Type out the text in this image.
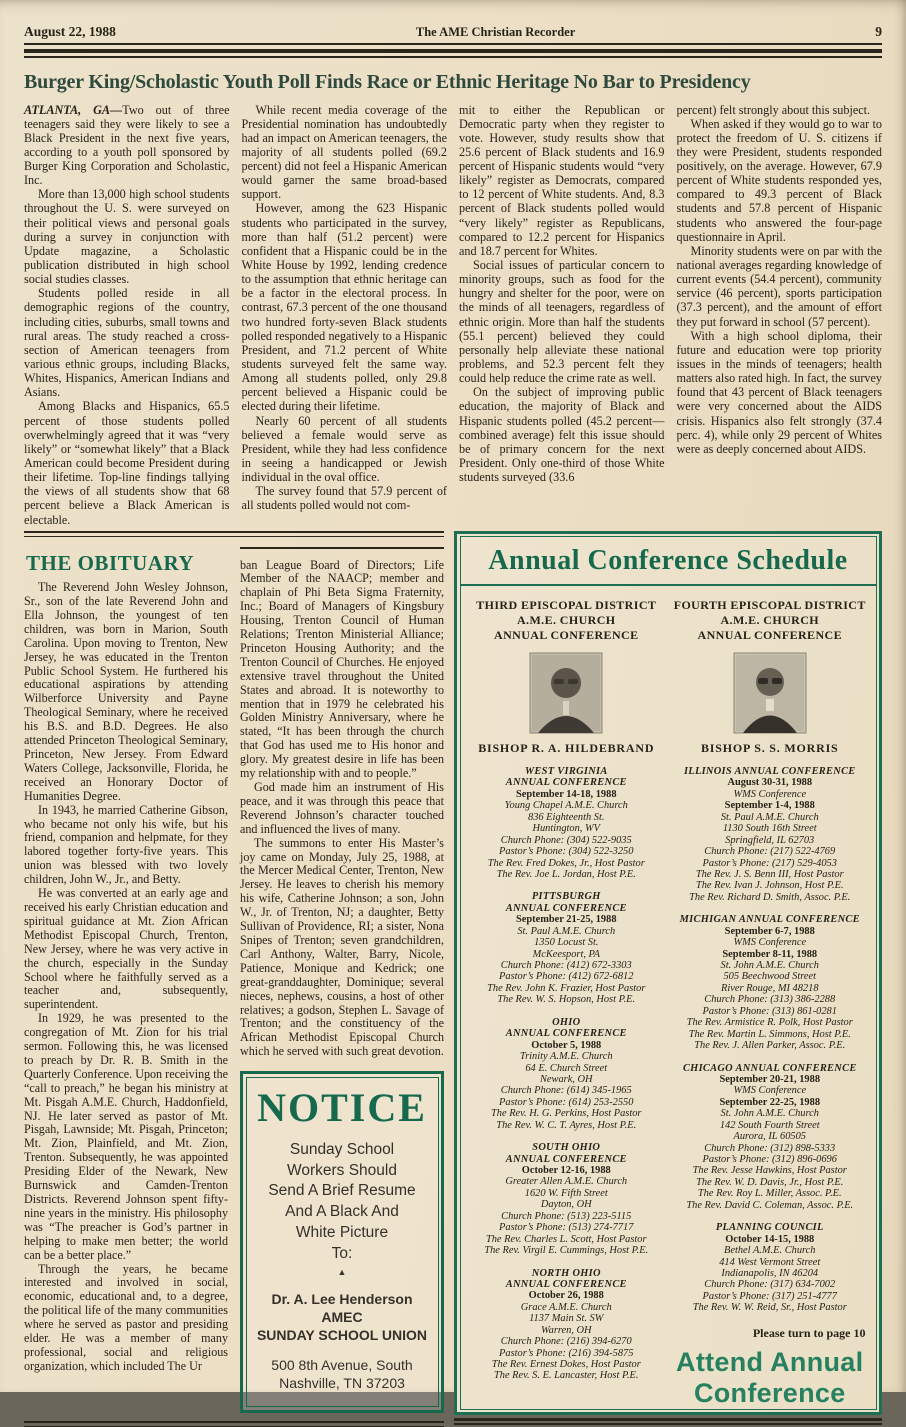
August 22, 1988	The AME Christian Recorder	9
Burger King/Scholastic Youth Poll Finds Race or Ethnic Heritage No Bar to Presidency

ATLANTA, GA—Two out of three teenagers said they were likely to see a Black President in the next five years, according to a youth poll sponsored by Burger King Corporation and Scholastic, Inc.

More than 13,000 high school students throughout the U. S. were surveyed on their political views and personal goals during a survey in conjunction with Update magazine, a Scholastic publication distributed in high school social studies classes.

Students polled reside in all demographic regions of the country, including cities, suburbs, small towns and rural areas. The study reached a cross-section of American teenagers from various ethnic groups, including Blacks, Whites, Hispanics, American Indians and Asians.

Among Blacks and Hispanics, 65.5 percent of those students polled overwhelmingly agreed that it was “very likely” or “somewhat likely” that a Black American could become President during their lifetime. Top-line findings tallying the views of all students show that 68 percent believe a Black American is electable.

While recent media coverage of the Presidential nomination has undoubtedly had an impact on American teenagers, the majority of all students polled (69.2 percent) did not feel a Hispanic American would garner the same broad-based support.

However, among the 623 Hispanic students who participated in the survey, more than half (51.2 percent) were confident that a Hispanic could be in the White House by 1992, lending credence to the assumption that ethnic heritage can be a factor in the electoral process. In contrast, 67.3 percent of the one thousand two hundred forty-seven Black students polled responded negatively to a Hispanic President, and 71.2 percent of White students surveyed felt the same way. Among all students polled, only 29.8 percent believed a Hispanic could be elected during their lifetime.

Nearly 60 percent of all students believed a female would serve as President, while they had less confidence in seeing a handicapped or Jewish individual in the oval office.

The survey found that 57.9 percent of all students polled would not com-

mit to either the Republican or Democratic party when they register to vote. However, study results show that 25.6 percent of Black students and 16.9 percent of Hispanic students would “very likely” register as Democrats, compared to 12 percent of White students. And, 8.3 percent of Black students polled would “very likely” register as Republicans, compared to 12.2 percent for Hispanics and 18.7 percent for Whites.

Social issues of particular concern to minority groups, such as food for the hungry and shelter for the poor, were on the minds of all teenagers, regardless of ethnic origin. More than half the students (55.1 percent) believed they could personally help alleviate these national problems, and 52.3 percent felt they could help reduce the crime rate as well.

On the subject of improving public education, the majority of Black and Hispanic students polled (45.2 percent—combined average) felt this issue should be of primary concern for the next President. Only one-third of those White students surveyed (33.6

percent) felt strongly about this subject.

When asked if they would go to war to protect the freedom of U. S. citizens if they were President, students responded positively, on the average. However, 67.9 percent of White students responded yes, compared to 49.3 percent of Black students and 57.8 percent of Hispanic students who answered the four-page questionnaire in April.

Minority students were on par with the national averages regarding knowledge of current events (54.4 percent), community service (46 percent), sports participation (37.3 percent), and the amount of effort they put forward in school (57 percent).

With a high school diploma, their future and education were top priority issues in the minds of teenagers; health matters also rated high. In fact, the survey found that 43 percent of Black teenagers were very concerned about the AIDS crisis. Hispanics also felt strongly (37.4 perc. 4), while only 29 percent of Whites were as deeply concerned about AIDS.

THE OBITUARY

The Reverend John Wesley Johnson, Sr., son of the late Reverend John and Ella Johnson, the youngest of ten children, was born in Marion, South Carolina. Upon moving to Trenton, New Jersey, he was educated in the Trenton Public School System. He furthered his educational aspirations by attending Wilberforce University and Payne Theological Seminary, where he received his B.S. and B.D. Degrees. He also attended Princeton Theological Seminary, Princeton, New Jersey. From Edward Waters College, Jacksonville, Florida, he received an Honorary Doctor of Humanities Degree.

In 1943, he married Catherine Gibson, who became not only his wife, but his friend, companion and helpmate, for they labored together forty-five years. This union was blessed with two lovely children, John W., Jr., and Betty.

He was converted at an early age and received his early Christian education and spiritual guidance at Mt. Zion African Methodist Episcopal Church, Trenton, New Jersey, where he was very active in the church, especially in the Sunday School where he faithfully served as a teacher and, subsequently, superintendent.

In 1929, he was presented to the congregation of Mt. Zion for his trial sermon. Following this, he was licensed to preach by Dr. R. B. Smith in the Quarterly Conference. Upon receiving the “call to preach,” he began his ministry at Mt. Pisgah A.M.E. Church, Haddonfield, NJ. He later served as pastor of Mt. Pisgah, Lawnside; Mt. Pisgah, Princeton; Mt. Zion, Plainfield, and Mt. Zion, Trenton. Subsequently, he was appointed Presiding Elder of the Newark, New Burnswick and Camden-Trenton Districts. Reverend Johnson spent fifty-nine years in the ministry. His philosophy was “The preacher is God’s partner in helping to make men better; the world can be a better place.”

Through the years, he became interested and involved in social, economic, educational and, to a degree, the political life of the many communities where he served as pastor and presiding elder. He was a member of many professional, social and religious organization, which included The Ur

ban League Board of Directors; Life Member of the NAACP; member and chaplain of Phi Beta Sigma Fraternity, Inc.; Board of Managers of Kingsbury Housing, Trenton Council of Human Relations; Trenton Ministerial Alliance; Princeton Housing Authority; and the Trenton Council of Churches. He enjoyed extensive travel throughout the United States and abroad. It is noteworthy to mention that in 1979 he celebrated his Golden Ministry Anniversary, where he stated, “It has been through the church that God has used me to His honor and glory. My greatest desire in life has been my relationship with and to people.”

God made him an instrument of His peace, and it was through this peace that Reverend Johnson’s character touched and influenced the lives of many.

The summons to enter His Master’s joy came on Monday, July 25, 1988, at the Mercer Medical Center, Trenton, New Jersey. He leaves to cherish his memory his wife, Catherine Johnson; a son, John W., Jr. of Trenton, NJ; a daughter, Betty Sullivan of Providence, RI; a sister, Nona Snipes of Trenton; seven grandchildren, Carl Anthony, Walter, Barry, Nicole, Patience, Monique and Kedrick; one great-granddaughter, Dominique; several nieces, nephews, cousins, a host of other relatives; a godson, Stephen L. Savage of Trenton; and the constituency of the African Methodist Episcopal Church which he served with such great devotion.

NOTICE
Sunday School
Workers Should
Send A Brief Resume
And A Black And
White Picture
To:
▲
Dr. A. Lee Henderson
AMEC
SUNDAY SCHOOL UNION
500 8th Avenue, South
Nashville, TN 37203
Annual Conference Schedule
THIRD EPISCOPAL DISTRICT
A.M.E. CHURCH
ANNUAL CONFERENCE
BISHOP R. A. HILDEBRAND
WEST VIRGINIA
ANNUAL CONFERENCE
September 14-18, 1988
Young Chapel A.M.E. Church
836 Eighteenth St.
Huntington, WV
Church Phone: (304) 522-9035
Pastor’s Phone: (304) 522-3250
The Rev. Fred Dokes, Jr., Host Pastor
The Rev. Joe L. Jordan, Host P.E.
PITTSBURGH
ANNUAL CONFERENCE
September 21-25, 1988
St. Paul A.M.E. Church
1350 Locust St.
McKeesport, PA
Church Phone: (412) 672-3303
Pastor’s Phone: (412) 672-6812
The Rev. John K. Frazier, Host Pastor
The Rev. W. S. Hopson, Host P.E.
OHIO
ANNUAL CONFERENCE
October 5, 1988
Trinity A.M.E. Church
64 E. Church Street
Newark, OH
Church Phone: (614) 345-1965
Pastor’s Phone: (614) 253-2550
The Rev. H. G. Perkins, Host Pastor
The Rev. W. C. T. Ayres, Host P.E.
SOUTH OHIO
ANNUAL CONFERENCE
October 12-16, 1988
Greater Allen A.M.E. Church
1620 W. Fifth Street
Dayton, OH
Church Phone: (513) 223-5115
Pastor’s Phone: (513) 274-7717
The Rev. Charles L. Scott, Host Pastor
The Rev. Virgil E. Cummings, Host P.E.
NORTH OHIO
ANNUAL CONFERENCE
October 26, 1988
Grace A.M.E. Church
1137 Main St. SW
Warren, OH
Church Phone: (216) 394-6270
Pastor’s Phone: (216) 394-5875
The Rev. Ernest Dokes, Host Pastor
The Rev. S. E. Lancaster, Host P.E.
FOURTH EPISCOPAL DISTRICT
A.M.E. CHURCH
ANNUAL CONFERENCE
BISHOP S. S. MORRIS
ILLINOIS ANNUAL CONFERENCE
August 30-31, 1988
WMS Conference
September 1-4, 1988
St. Paul A.M.E. Church
1130 South 16th Street
Springfield, IL 62703
Church Phone: (217) 522-4769
Pastor’s Phone: (217) 529-4053
The Rev. J. S. Benn III, Host Pastor
The Rev. Ivan J. Johnson, Host P.E.
The Rev. Richard D. Smith, Assoc. P.E.
MICHIGAN ANNUAL CONFERENCE
September 6-7, 1988
WMS Conference
September 8-11, 1988
St. John A.M.E. Church
505 Beechwood Street
River Rouge, MI 48218
Church Phone: (313) 386-2288
Pastor’s Phone: (313) 861-0281
The Rev. Armistice R. Polk, Host Pastor
The Rev. Martin L. Simmons, Host P.E.
The Rev. J. Allen Parker, Assoc. P.E.
CHICAGO ANNUAL CONFERENCE
September 20-21, 1988
WMS Conference
September 22-25, 1988
St. John A.M.E. Church
142 South Fourth Street
Aurora, IL 60505
Church Phone: (312) 898-5333
Pastor’s Phone: (312) 896-0696
The Rev. Jesse Hawkins, Host Pastor
The Rev. W. D. Davis, Jr., Host P.E.
The Rev. Roy L. Miller, Assoc. P.E.
The Rev. David C. Coleman, Assoc. P.E.
PLANNING COUNCIL
October 14-15, 1988
Bethel A.M.E. Church
414 West Vermont Street
Indianapolis, IN 46204
Church Phone: (317) 634-7002
Pastor’s Phone: (317) 251-4777
The Rev. W. W. Reid, Sr., Host Pastor
Please turn to page 10
Attend Annual
Conference
